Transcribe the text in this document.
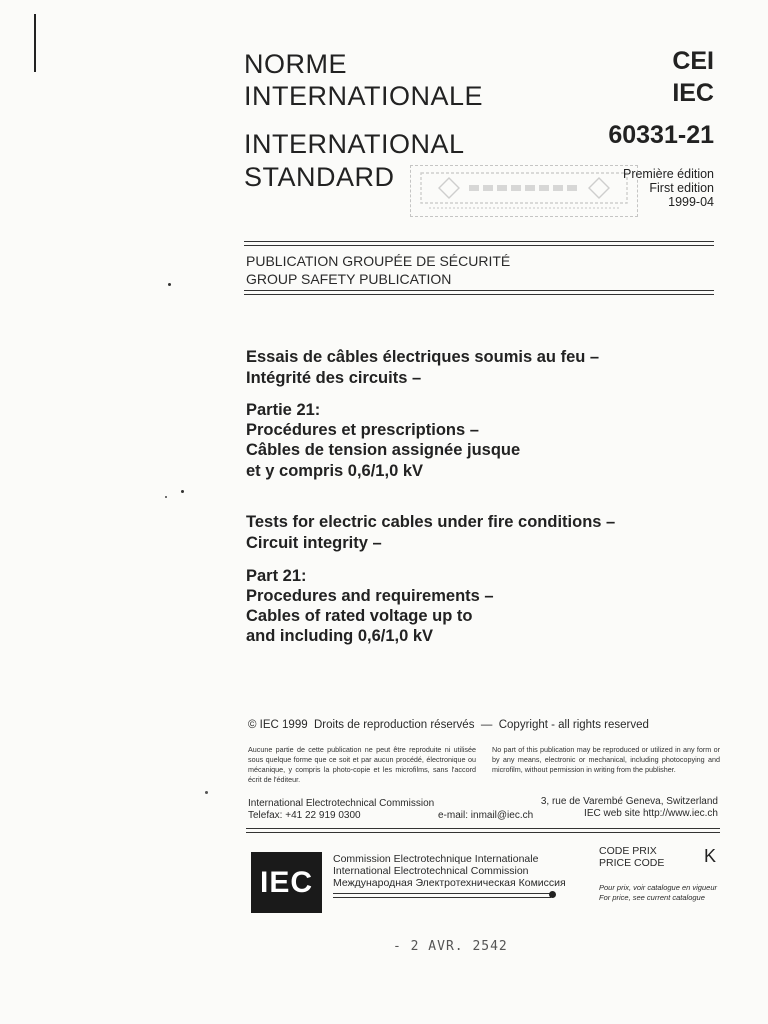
NORME
INTERNATIONALE
INTERNATIONAL
STANDARD
CEI
IEC
60331-21
Première édition
First edition
1999-04
PUBLICATION GROUPÉE DE SÉCURITÉ
GROUP SAFETY PUBLICATION
Essais de câbles électriques soumis au feu –
Intégrité des circuits –
Partie 21:
Procédures et prescriptions –
Câbles de tension assignée jusque
et y compris 0,6/1,0 kV
Tests for electric cables under fire conditions –
Circuit integrity –
Part 21:
Procedures and requirements –
Cables of rated voltage up to
and including 0,6/1,0 kV
© IEC 1999  Droits de reproduction réservés  —  Copyright - all rights reserved
Aucune partie de cette publication ne peut être reproduite ni utilisée sous quelque forme que ce soit et par aucun procédé, électronique ou mécanique, y compris la photo-copie et les microfilms, sans l'accord écrit de l'éditeur.
No part of this publication may be reproduced or utilized in any form or by any means, electronic or mechanical, including photocopying and microfilm, without permission in writing from the publisher.
International Electrotechnical Commission	3, rue de Varembé Geneva, Switzerland
Telefax: +41 22 919 0300	e-mail: inmail@iec.ch	IEC web site http://www.iec.ch
IEC
Commission Electrotechnique Internationale
International Electrotechnical Commission
Международная Электротехническая Комиссия
CODE PRIX
PRICE CODE K
Pour prix, voir catalogue en vigueur
For price, see current catalogue
- 2 AVR. 2542
